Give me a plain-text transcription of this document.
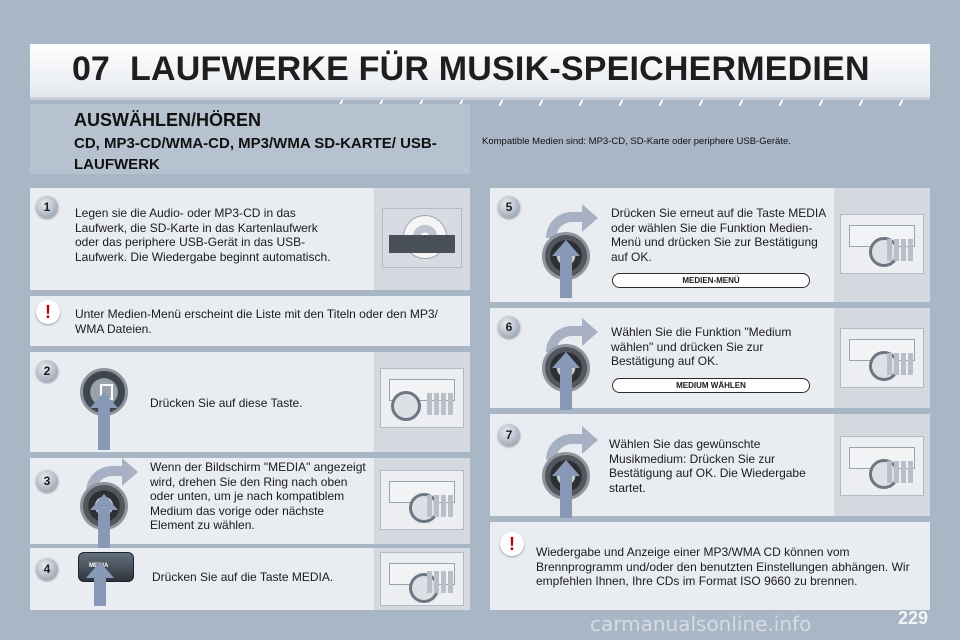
07 LAUFWERKE FÜR MUSIK-SPEICHERMEDIEN
AUSWÄHLEN/HÖREN
CD, MP3-CD/WMA-CD, MP3/WMA SD-KARTE/ USB-LAUFWERK
Kompatible Medien sind: MP3-CD, SD-Karte oder periphere USB-Geräte.
1	Legen sie die Audio- oder MP3-CD in das Laufwerk, die SD-Karte in das Kartenlaufwerk oder das periphere USB-Gerät in das USB-Laufwerk. Die Wiedergabe beginnt automatisch.
!	Unter Medien-Menü erscheint die Liste mit den Titeln oder den MP3/ WMA Dateien.
2
Drücken Sie auf diese Taste.
3
Wenn der Bildschirm "MEDIA" angezeigt wird, drehen Sie den Ring nach oben oder unten, um je nach kompatiblem Medium das vorige oder nächste Element zu wählen.
4
Drücken Sie auf die Taste MEDIA.
5	Drücken Sie erneut auf die Taste MEDIA oder wählen Sie die Funktion Medien-Menü und drücken Sie zur Bestätigung auf OK.
MEDIEN-MENÜ
6	Wählen Sie die Funktion "Medium wählen" und drücken Sie zur Bestätigung auf OK.
MEDIUM WÄHLEN
7
Wählen Sie das gewünschte Musikmedium: Drücken Sie zur Bestätigung auf OK. Die Wiedergabe startet.
!	Wiedergabe und Anzeige einer MP3/WMA CD können vom Brennprogramm und/oder den benutzten Einstellungen abhängen. Wir empfehlen Ihnen, Ihre CDs im Format ISO 9660 zu brennen.
carmanualsonline.info	229
